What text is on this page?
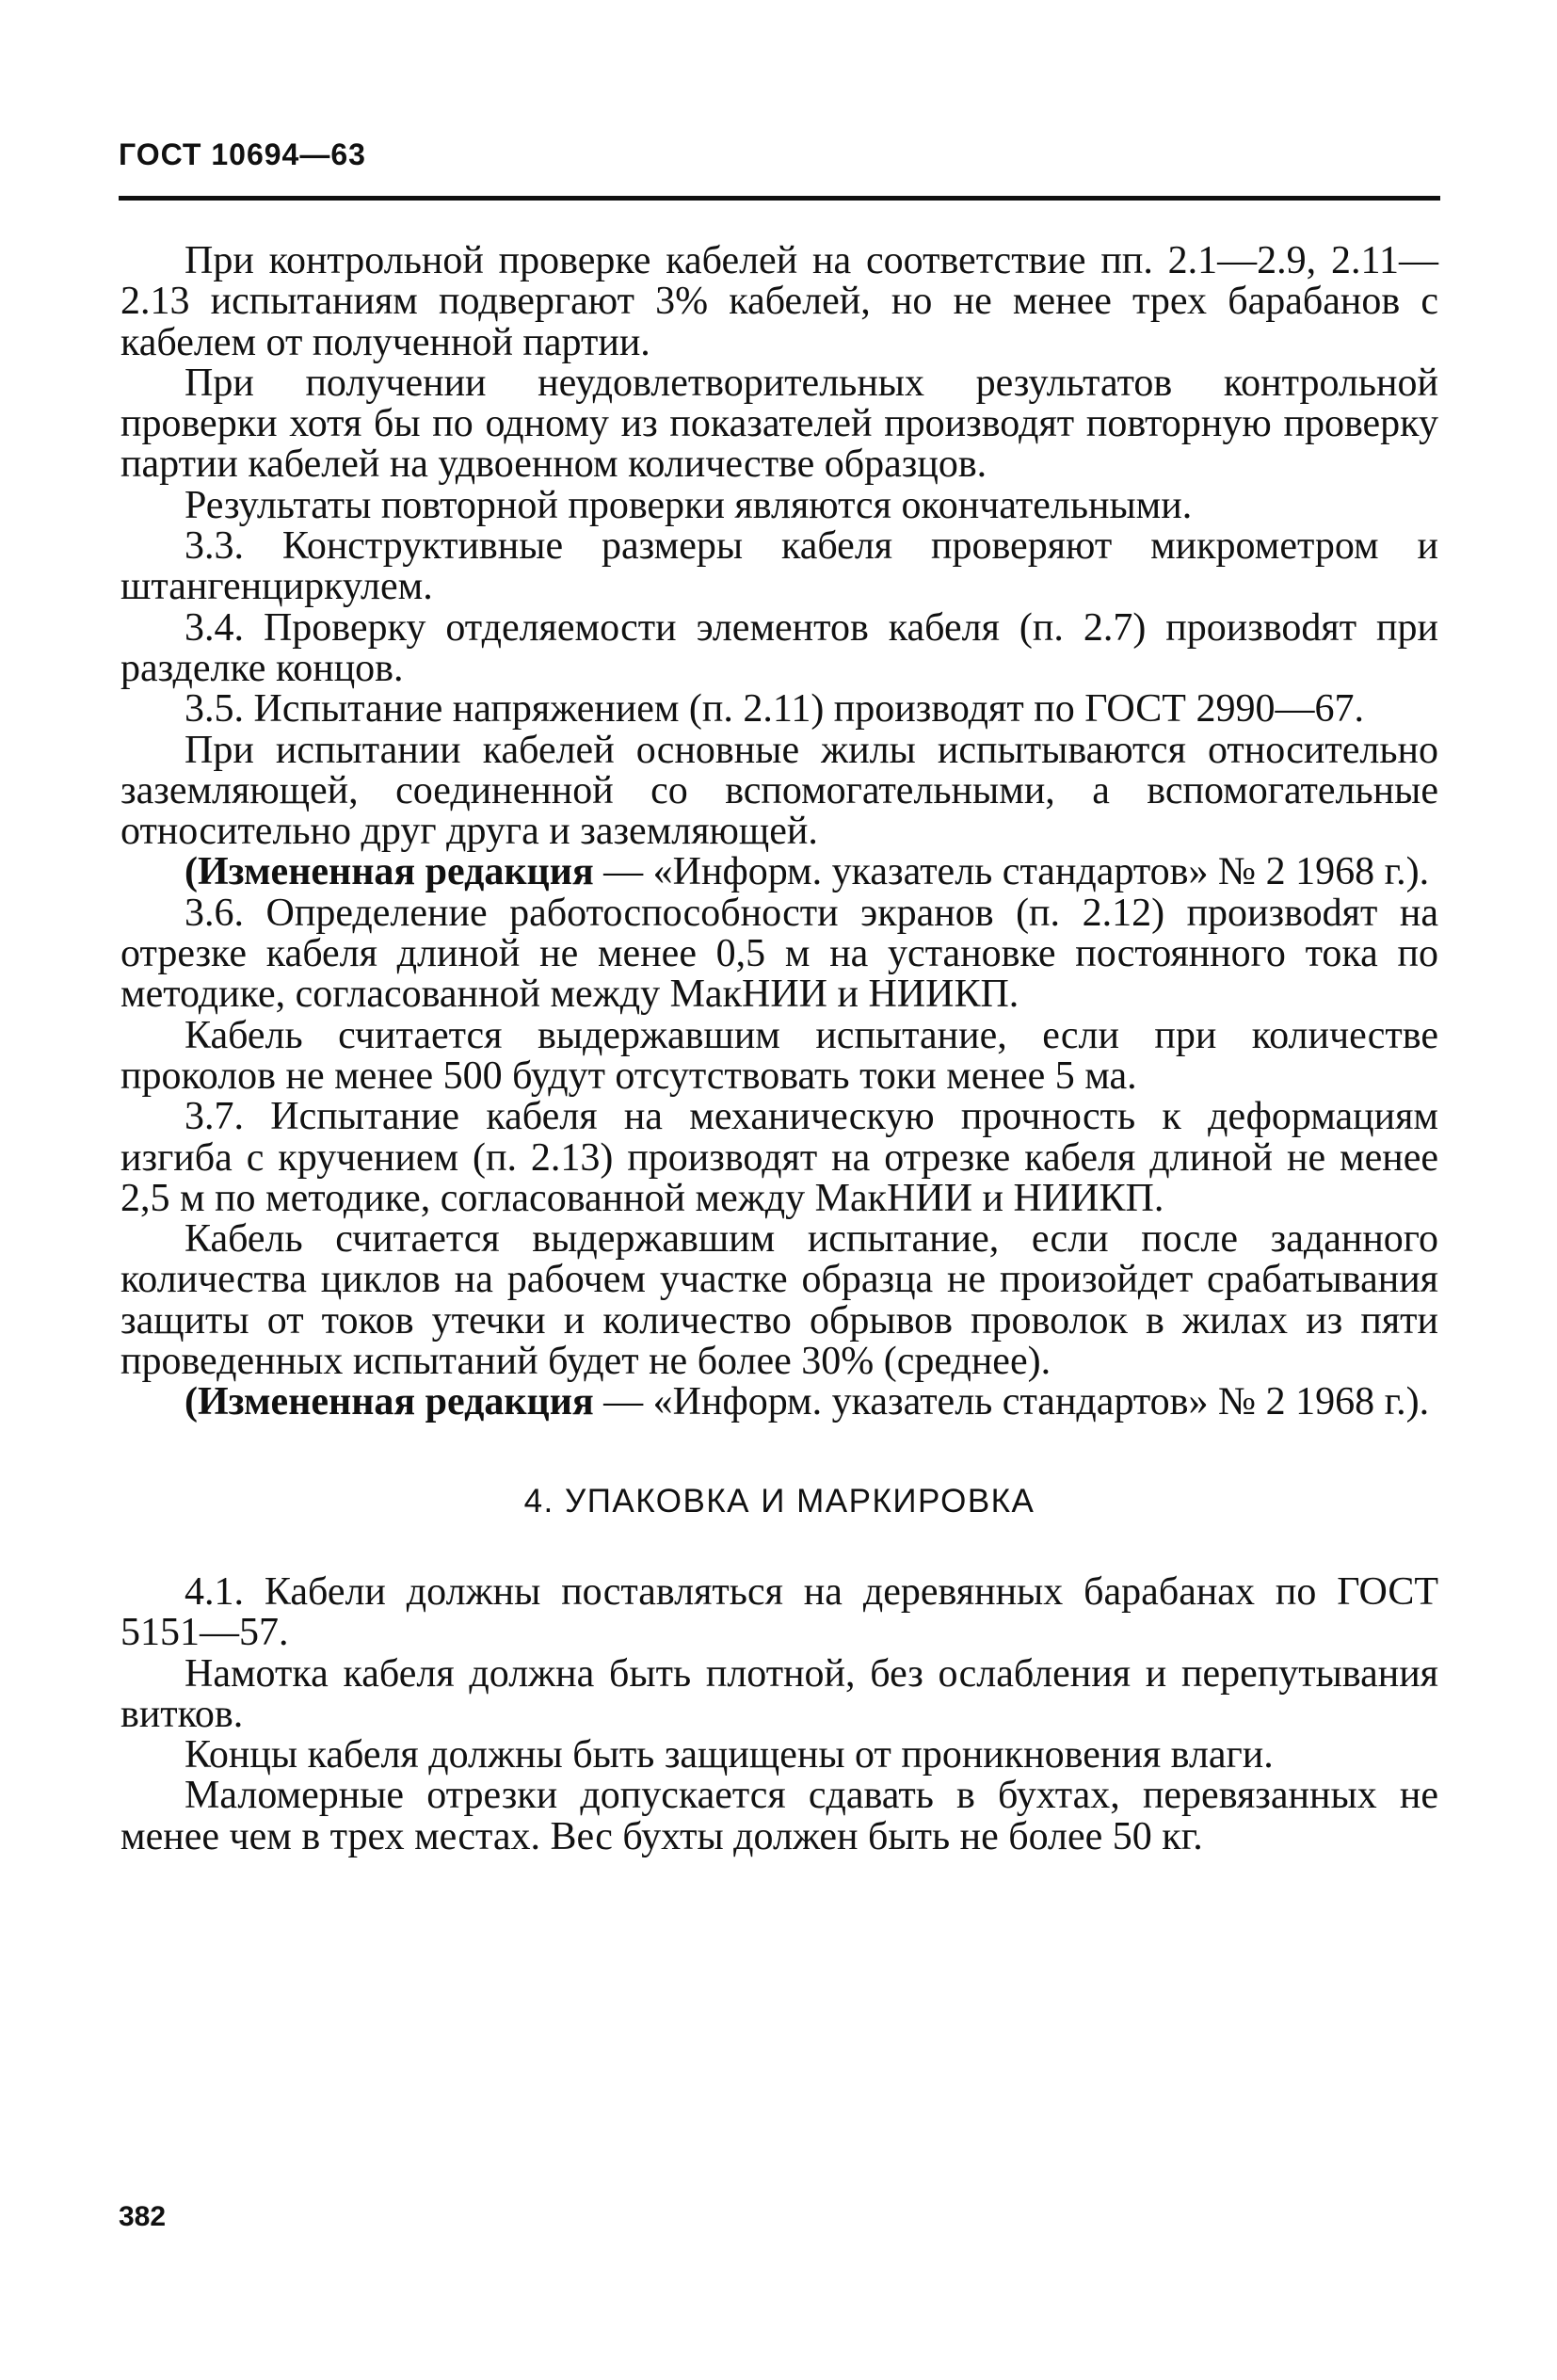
ГОСТ 10694—63

При контрольной проверке кабелей на соответствие пп. 2.1—2.9, 2.11—2.13 испытаниям подвергают 3% кабелей, но не менее трех барабанов с кабелем от полученной партии.

При получении неудовлетворительных результатов контрольной проверки хотя бы по одному из показателей производят повторную проверку партии кабелей на удвоенном количестве образцов.

Результаты повторной проверки являются окончательными.

3.3. Конструктивные размеры кабеля проверяют микрометром и штангенциркулем.

3.4. Проверку отделяемости элементов кабеля (п. 2.7) произвоdят при разделке концов.

3.5. Испытание напряжением (п. 2.11) производят по ГОСТ 2990—67.

При испытании кабелей основные жилы испытываются относительно заземляющей, соединенной со вспомогательными, а вспомогательные относительно друг друга и заземляющей.

(Измененная редакция — «Информ. указатель стандартов» № 2 1968 г.).

3.6. Определение работоспособности экранов (п. 2.12) произвоdят на отрезке кабеля длиной не менее 0,5 м на установке постоянного тока по методике, согласованной между МакНИИ и НИИКП.

Кабель считается выдержавшим испытание, если при количестве проколов не менее 500 будут отсутствовать токи менее 5 ма.

3.7. Испытание кабеля на механическую прочность к деформациям изгиба с кручением (п. 2.13) производят на отрезке кабеля длиной не менее 2,5 м по методике, согласованной между МакНИИ и НИИКП.

Кабель считается выдержавшим испытание, если после заданного количества циклов на рабочем участке образца не произойдет срабатывания защиты от токов утечки и количество обрывов проволок в жилах из пяти проведенных испытаний будет не более 30% (среднее).

(Измененная редакция — «Информ. указатель стандартов» № 2 1968 г.).

4. УПАКОВКА И МАРКИРОВКА

4.1. Кабели должны поставляться на деревянных барабанах по ГОСТ 5151—57.

Намотка кабеля должна быть плотной, без ослабления и перепутывания витков.

Концы кабеля должны быть защищены от проникновения влаги.

Маломерные отрезки допускается сдавать в бухтах, перевязанных не менее чем в трех местах. Вес бухты должен быть не более 50 кг.

382
